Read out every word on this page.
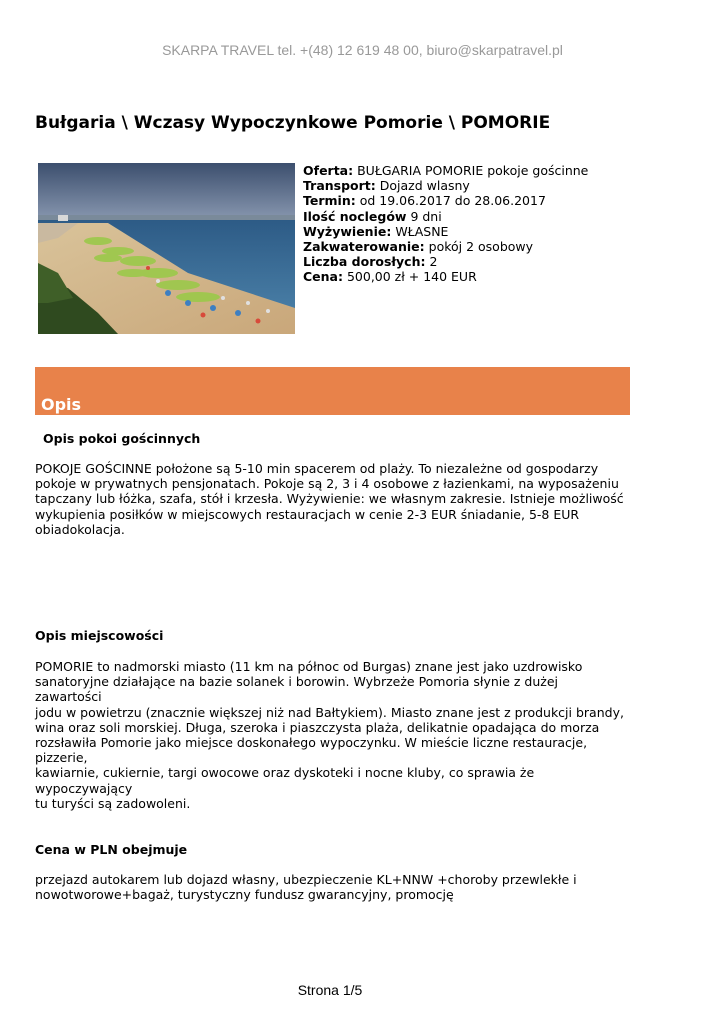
SKARPA TRAVEL tel. +(48) 12 619 48 00, biuro@skarpatravel.pl
Bułgaria \ Wczasy Wypoczynkowe Pomorie \ POMORIE
Oferta: BUŁGARIA POMORIE pokoje gościnne
Transport: Dojazd wlasny
Termin: od 19.06.2017 do 28.06.2017
Ilość noclegów 9 dni
Wyżywienie: WŁASNE
Zakwaterowanie: pokój 2 osobowy
Liczba dorosłych: 2
Cena: 500,00 zł + 140 EUR
Opis
Opis pokoi gościnnych

POKOJE GOŚCINNE położone są 5-10 min spacerem od plaży. To niezależne od gospodarzy
pokoje w prywatnych pensjonatach. Pokoje są 2, 3 i 4 osobowe z łazienkami, na wyposażeniu
tapczany lub łóżka, szafa, stół i krzesła. Wyżywienie: we własnym zakresie. Istnieje możliwość
wykupienia posiłków w miejscowych restauracjach w cenie 2-3 EUR śniadanie, 5-8 EUR
obiadokolacja.

Opis miejscowości

POMORIE to nadmorski miasto (11 km na północ od Burgas) znane jest jako uzdrowisko
sanatoryjne działające na bazie solanek i borowin. Wybrzeże Pomoria słynie z dużej zawartości
jodu w powietrzu (znacznie większej niż nad Bałtykiem). Miasto znane jest z produkcji brandy,
wina oraz soli morskiej. Długa, szeroka i piaszczysta plaża, delikatnie opadająca do morza
rozsławiła Pomorie jako miejsce doskonałego wypoczynku. W mieście liczne restauracje, pizzerie,
kawiarnie, cukiernie, targi owocowe oraz dyskoteki i nocne kluby, co sprawia że wypoczywający
tu turyści są zadowoleni.

Cena w PLN obejmuje

przejazd autokarem lub dojazd własny, ubezpieczenie KL+NNW +choroby przewlekłe i
nowotworowe+bagaż, turystyczny fundusz gwarancyjny, promocję

Strona 1/5
